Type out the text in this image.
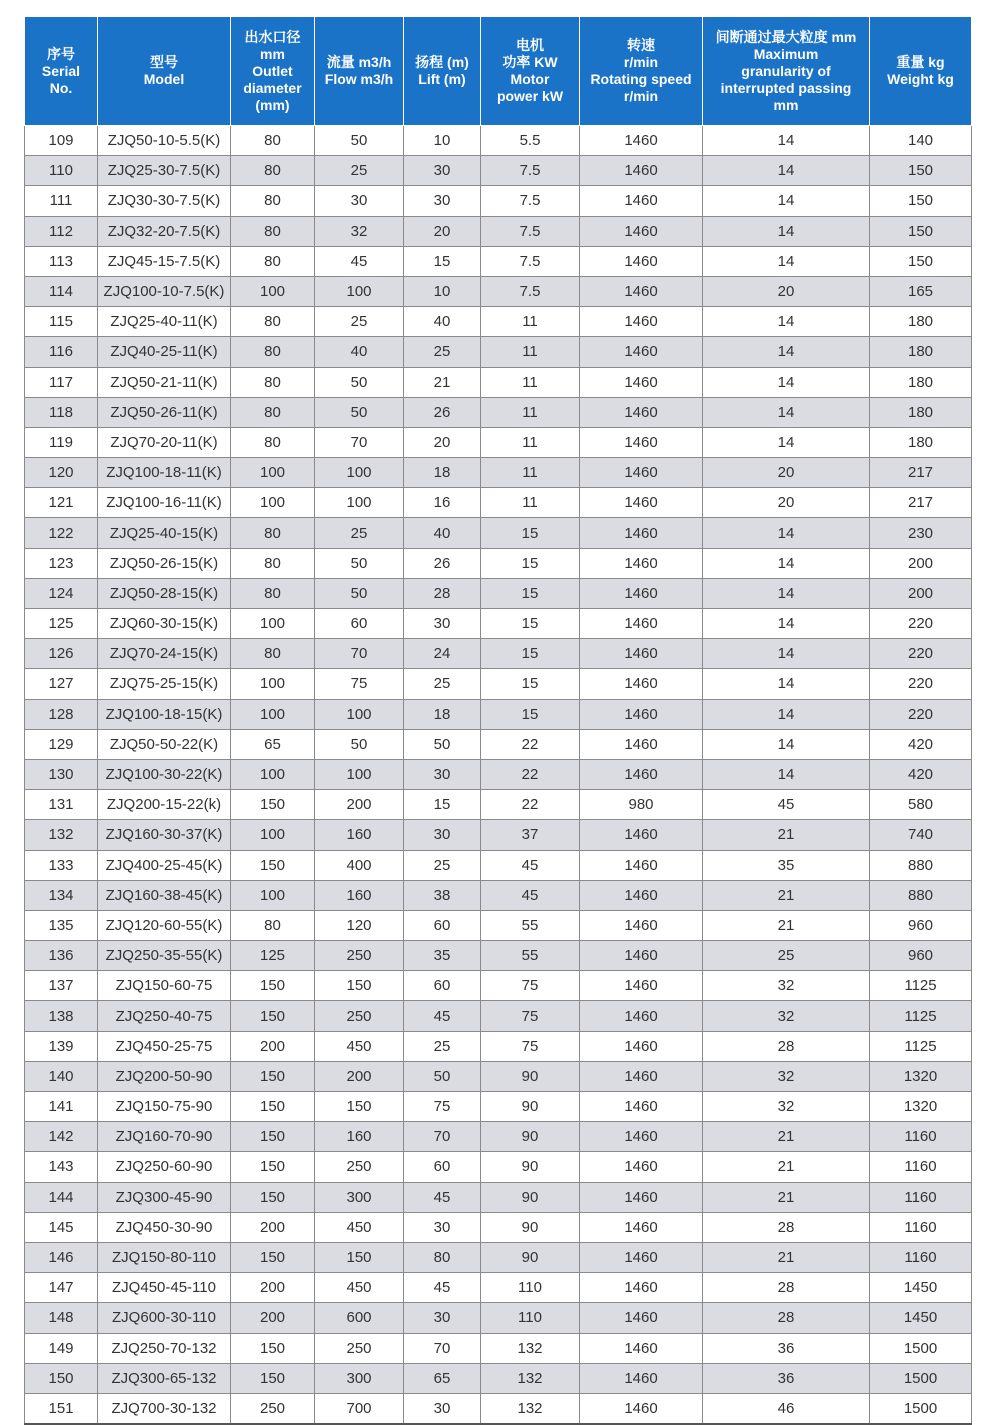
序号
Serial
No.	型号
Model	出水口径
mm
Outlet
diameter
(mm)	流量 m3/h
Flow m3/h	扬程 (m)
Lift (m)	电机
功率 KW
Motor
power kW	转速
r/min
Rotating speed
r/min	间断通过最大粒度 mm
Maximum
granularity of
interrupted passing
mm	重量 kg
Weight kg
109	ZJQ50-10-5.5(K)	80	50	10	5.5	1460	14	140
110	ZJQ25-30-7.5(K)	80	25	30	7.5	1460	14	150
111	ZJQ30-30-7.5(K)	80	30	30	7.5	1460	14	150
112	ZJQ32-20-7.5(K)	80	32	20	7.5	1460	14	150
113	ZJQ45-15-7.5(K)	80	45	15	7.5	1460	14	150
114	ZJQ100-10-7.5(K)	100	100	10	7.5	1460	20	165
115	ZJQ25-40-11(K)	80	25	40	11	1460	14	180
116	ZJQ40-25-11(K)	80	40	25	11	1460	14	180
117	ZJQ50-21-11(K)	80	50	21	11	1460	14	180
118	ZJQ50-26-11(K)	80	50	26	11	1460	14	180
119	ZJQ70-20-11(K)	80	70	20	11	1460	14	180
120	ZJQ100-18-11(K)	100	100	18	11	1460	20	217
121	ZJQ100-16-11(K)	100	100	16	11	1460	20	217
122	ZJQ25-40-15(K)	80	25	40	15	1460	14	230
123	ZJQ50-26-15(K)	80	50	26	15	1460	14	200
124	ZJQ50-28-15(K)	80	50	28	15	1460	14	200
125	ZJQ60-30-15(K)	100	60	30	15	1460	14	220
126	ZJQ70-24-15(K)	80	70	24	15	1460	14	220
127	ZJQ75-25-15(K)	100	75	25	15	1460	14	220
128	ZJQ100-18-15(K)	100	100	18	15	1460	14	220
129	ZJQ50-50-22(K)	65	50	50	22	1460	14	420
130	ZJQ100-30-22(K)	100	100	30	22	1460	14	420
131	ZJQ200-15-22(k)	150	200	15	22	980	45	580
132	ZJQ160-30-37(K)	100	160	30	37	1460	21	740
133	ZJQ400-25-45(K)	150	400	25	45	1460	35	880
134	ZJQ160-38-45(K)	100	160	38	45	1460	21	880
135	ZJQ120-60-55(K)	80	120	60	55	1460	21	960
136	ZJQ250-35-55(K)	125	250	35	55	1460	25	960
137	ZJQ150-60-75	150	150	60	75	1460	32	1125
138	ZJQ250-40-75	150	250	45	75	1460	32	1125
139	ZJQ450-25-75	200	450	25	75	1460	28	1125
140	ZJQ200-50-90	150	200	50	90	1460	32	1320
141	ZJQ150-75-90	150	150	75	90	1460	32	1320
142	ZJQ160-70-90	150	160	70	90	1460	21	1160
143	ZJQ250-60-90	150	250	60	90	1460	21	1160
144	ZJQ300-45-90	150	300	45	90	1460	21	1160
145	ZJQ450-30-90	200	450	30	90	1460	28	1160
146	ZJQ150-80-110	150	150	80	90	1460	21	1160
147	ZJQ450-45-110	200	450	45	110	1460	28	1450
148	ZJQ600-30-110	200	600	30	110	1460	28	1450
149	ZJQ250-70-132	150	250	70	132	1460	36	1500
150	ZJQ300-65-132	150	300	65	132	1460	36	1500
151	ZJQ700-30-132	250	700	30	132	1460	46	1500
